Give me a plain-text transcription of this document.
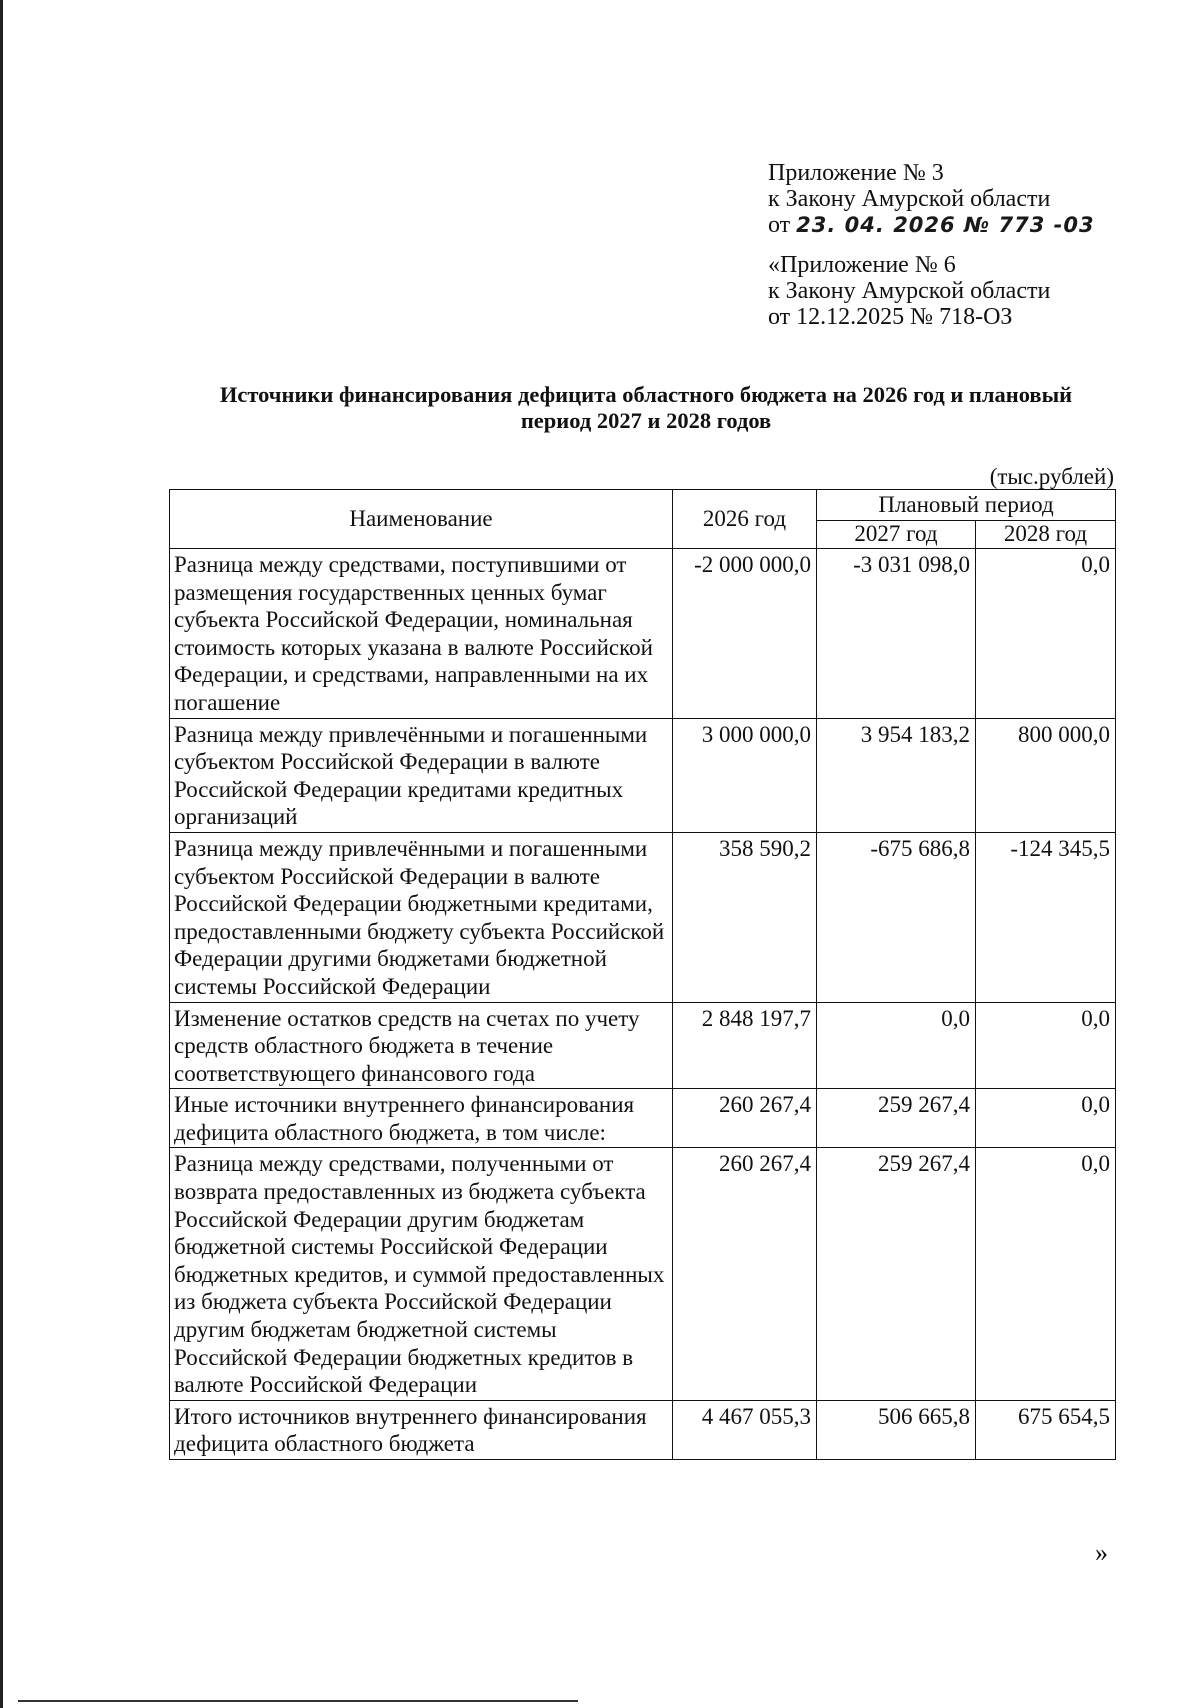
Приложение № 3
к Закону Амурской области
от 23. 04. 2026 № 773 -03
«Приложение № 6
к Закону Амурской области
от 12.12.2025 № 718-ОЗ
Источники финансирования дефицита областного бюджета на 2026 год и плановый
период 2027 и 2028 годов
(тыс.рублей)
Наименование	2026 год	Плановый период	
		2027 год	2028 год
Разница между средствами, поступившими от размещения государственных ценных бумаг субъекта Российской Федерации, номинальная стоимость которых указана в валюте Российской Федерации, и средствами, направленными на их погашение	-2 000 000,0	-3 031 098,0	0,0
Разница между привлечёнными и погашенными субъектом Российской Федерации в валюте Российской Федерации кредитами кредитных организаций	3 000 000,0	3 954 183,2	800 000,0
Разница между привлечёнными и погашенными субъектом Российской Федерации в валюте Российской Федерации бюджетными кредитами, предоставленными бюджету субъекта Российской Федерации другими бюджетами бюджетной системы Российской Федерации	358 590,2	-675 686,8	-124 345,5
Изменение остатков средств на счетах по учету средств областного бюджета в течение соответствующего финансового года	2 848 197,7	0,0	0,0
Иные источники внутреннего финансирования дефицита областного бюджета, в том числе:	260 267,4	259 267,4	0,0
Разница между средствами, полученными от возврата предоставленных из бюджета субъекта Российской Федерации другим бюджетам бюджетной системы Российской Федерации бюджетных кредитов, и суммой предоставленных из бюджета субъекта Российской Федерации другим бюджетам бюджетной системы Российской Федерации бюджетных кредитов в валюте Российской Федерации	260 267,4	259 267,4	0,0
Итого источников внутреннего финансирования дефицита областного бюджета	4 467 055,3	506 665,8	675 654,5
»
